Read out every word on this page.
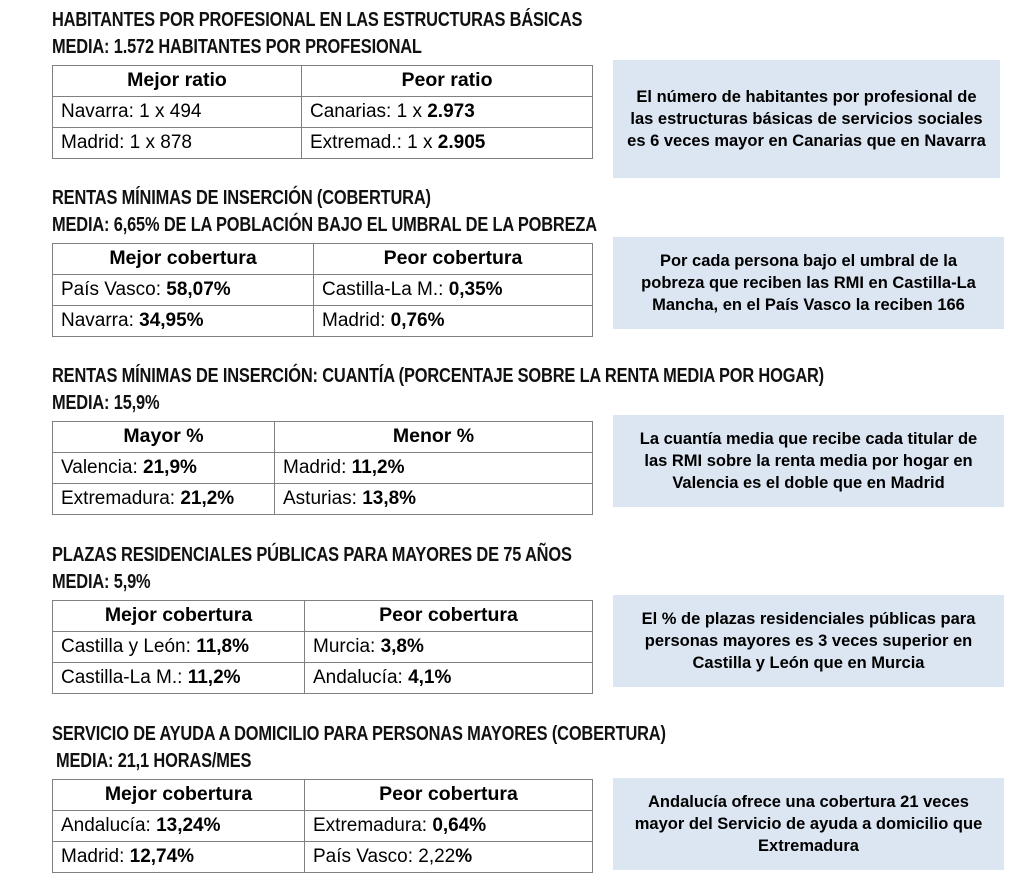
HABITANTES POR PROFESIONAL EN LAS ESTRUCTURAS BÁSICAS
MEDIA: 1.572 HABITANTES POR PROFESIONAL
Mejor ratio	Peor ratio
Navarra: 1 x 494	Canarias: 1 x 2.973
Madrid: 1 x 878	Extremad.: 1 x 2.905
El número de habitantes por profesional de las estructuras básicas de servicios sociales es 6 veces mayor en Canarias que en Navarra
RENTAS MÍNIMAS DE INSERCIÓN (COBERTURA)
MEDIA: 6,65% DE LA POBLACIÓN BAJO EL UMBRAL DE LA POBREZA
Mejor cobertura	Peor cobertura
País Vasco: 58,07%	Castilla-La M.: 0,35%
Navarra: 34,95%	Madrid: 0,76%
Por cada persona bajo el umbral de la pobreza que reciben las RMI en Castilla-La Mancha, en el País Vasco la reciben 166
RENTAS MÍNIMAS DE INSERCIÓN: CUANTÍA (PORCENTAJE SOBRE LA RENTA MEDIA POR HOGAR)
MEDIA: 15,9%
Mayor %	Menor %
Valencia: 21,9%	Madrid: 11,2%
Extremadura: 21,2%	Asturias: 13,8%
La cuantía media que recibe cada titular de las RMI sobre la renta media por hogar en Valencia es el doble que en Madrid
PLAZAS RESIDENCIALES PÚBLICAS PARA MAYORES DE 75 AÑOS
MEDIA: 5,9%
Mejor cobertura	Peor cobertura
Castilla y León: 11,8%	Murcia: 3,8%
Castilla-La M.: 11,2%	Andalucía: 4,1%
El % de plazas residenciales públicas para personas mayores es 3 veces superior en Castilla y León que en Murcia
SERVICIO DE AYUDA A DOMICILIO PARA PERSONAS MAYORES (COBERTURA)
MEDIA: 21,1 HORAS/MES
Mejor cobertura	Peor cobertura
Andalucía: 13,24%	Extremadura: 0,64%
Madrid: 12,74%	País Vasco: 2,22%
Andalucía ofrece una cobertura 21 veces mayor del Servicio de ayuda a domicilio que Extremadura
